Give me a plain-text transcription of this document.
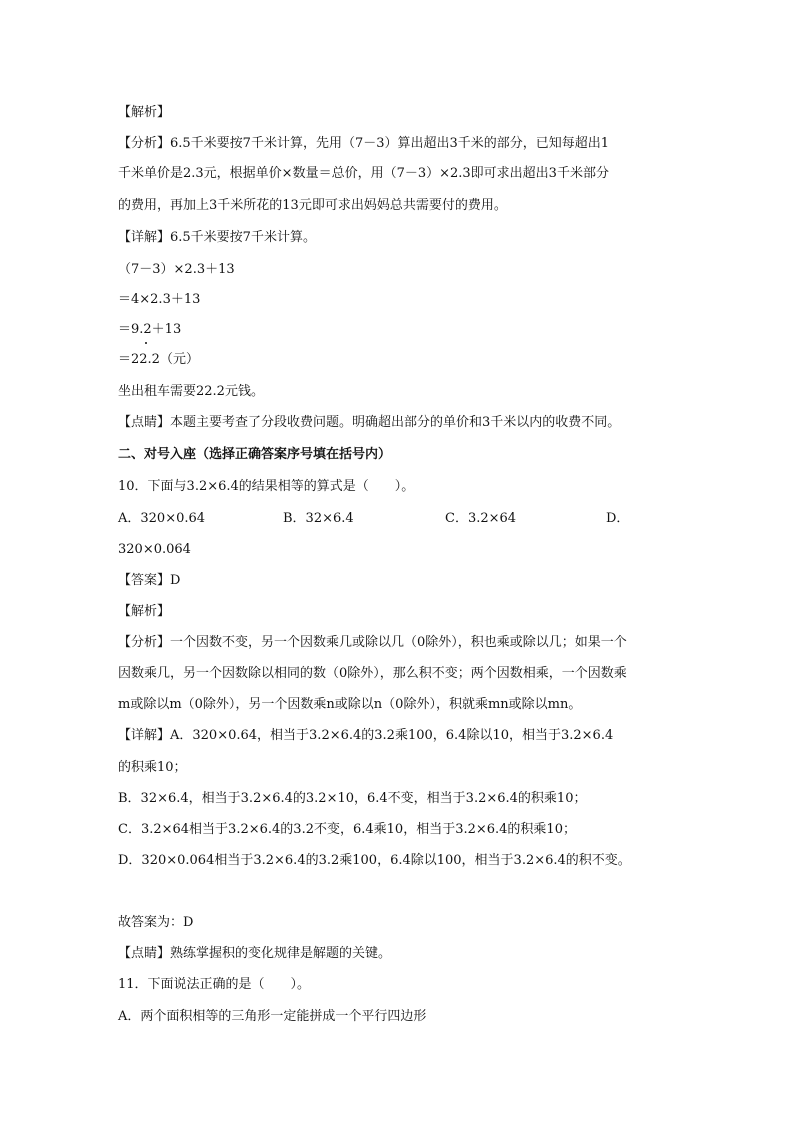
【解析】

【分析】6.5千米要按7千米计算，先用（7－3）算出超出3千米的部分，已知每超出1

千米单价是2.3元，根据单价×数量＝总价，用（7－3）×2.3即可求出超出3千米部分

的费用，再加上3千米所花的13元即可求出妈妈总共需要付的费用。

【详解】6.5千米要按7千米计算。

（7－3）×2.3＋13

＝4×2.3＋13

＝9.2＋13

＝22.2（元）

坐出租车需要22.2元钱。

【点睛】本题主要考查了分段收费问题。明确超出部分的单价和3千米以内的收费不同。

二、对号入座（选择正确答案序号填在括号内）

10．下面与3.2×6.4的结果相等的算式是（　　）。

A．320×0.64	B．32×6.4	C．3.2×64	D．

320×0.064

【答案】D

【解析】

【分析】一个因数不变，另一个因数乘几或除以几（0除外），积也乘或除以几；如果一个

因数乘几，另一个因数除以相同的数（0除外），那么积不变；两个因数相乘，一个因数乘

m或除以m（0除外），另一个因数乘n或除以n（0除外），积就乘mn或除以mn。

【详解】A．320×0.64，相当于3.2×6.4的3.2乘100，6.4除以10，相当于3.2×6.4

的积乘10；

B．32×6.4，相当于3.2×6.4的3.2×10，6.4不变，相当于3.2×6.4的积乘10；

C．3.2×64相当于3.2×6.4的3.2不变，6.4乘10，相当于3.2×6.4的积乘10；

D．320×0.064相当于3.2×6.4的3.2乘100，6.4除以100，相当于3.2×6.4的积不变。

故答案为：D

【点睛】熟练掌握积的变化规律是解题的关键。

11．下面说法正确的是（　　）。

A．两个面积相等的三角形一定能拼成一个平行四边形
